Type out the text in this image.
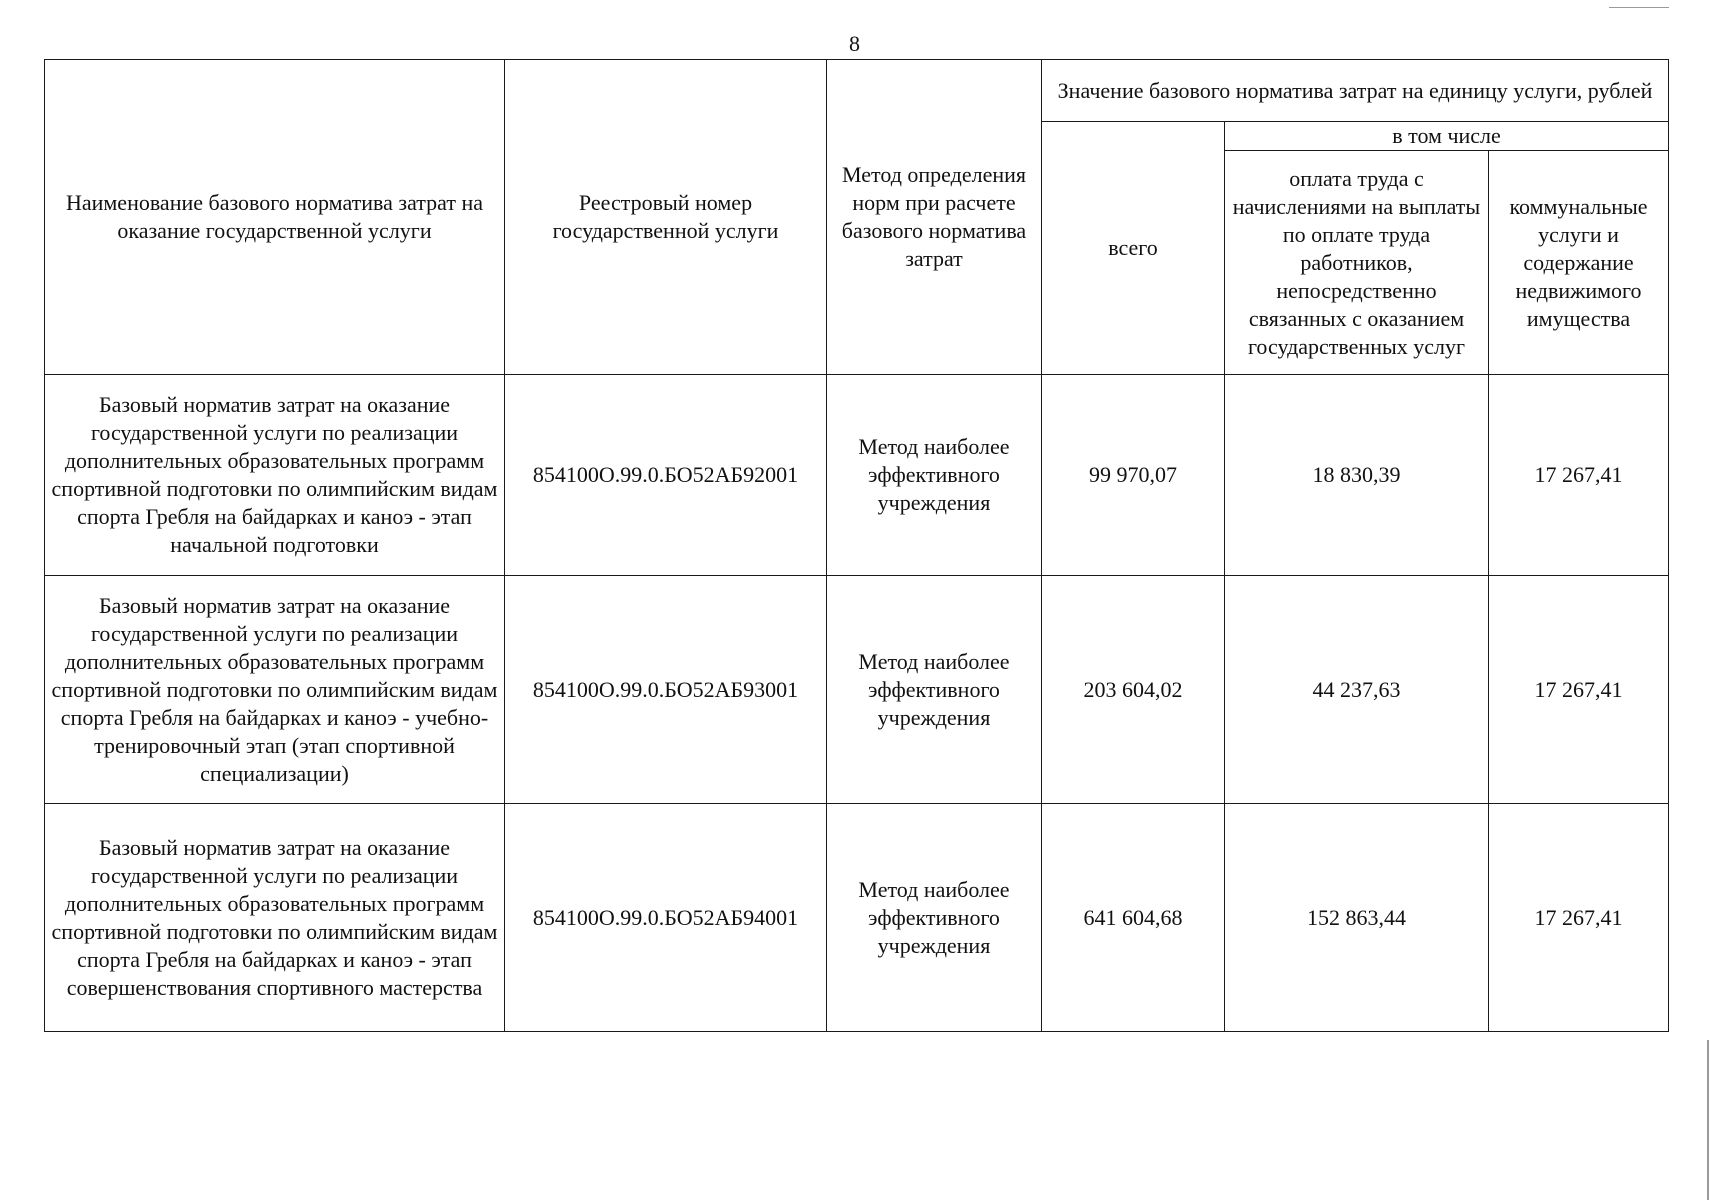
8
Наименование базового норматива затрат на оказание государственной услуги	Реестровый номер государственной услуги	Метод определения норм при расчете базового норматива затрат	Значение базового норматива затрат на единицу услуги, рублей		
			всего	в том числе	
				оплата труда с начислениями на выплаты по оплате труда работников, непосредственно связанных с оказанием государственных услуг	коммунальные услуги и содержание недвижимого имущества
Базовый норматив затрат на оказание государственной услуги по реализации дополнительных образовательных программ спортивной подготовки по олимпийским видам спорта Гребля на байдарках и каноэ - этап начальной подготовки	854100О.99.0.БО52АБ92001	Метод наиболее эффективного учреждения	99 970,07	18 830,39	17 267,41
Базовый норматив затрат на оказание государственной услуги по реализации дополнительных образовательных программ спортивной подготовки по олимпийским видам спорта Гребля на байдарках и каноэ - учебно-тренировочный этап (этап спортивной специализации)	854100О.99.0.БО52АБ93001	Метод наиболее эффективного учреждения	203 604,02	44 237,63	17 267,41
Базовый норматив затрат на оказание государственной услуги по реализации дополнительных образовательных программ спортивной подготовки по олимпийским видам спорта Гребля на байдарках и каноэ - этап совершенствования спортивного мастерства	854100О.99.0.БО52АБ94001	Метод наиболее эффективного учреждения	641 604,68	152 863,44	17 267,41
